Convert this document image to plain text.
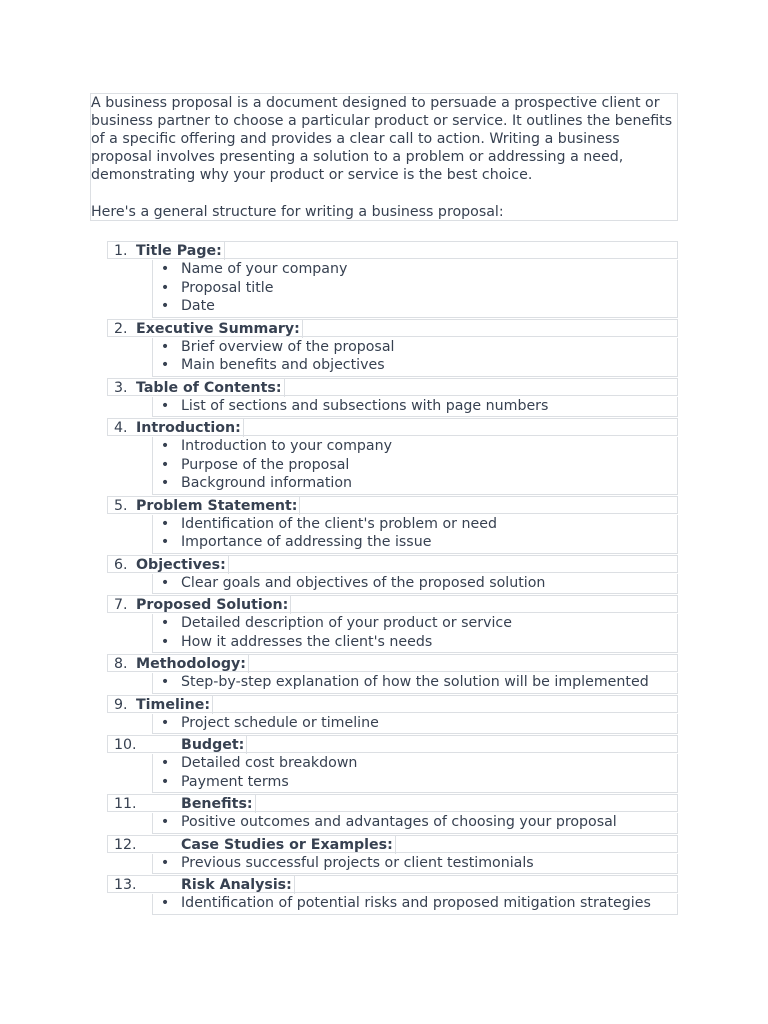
A business proposal is a document designed to persuade a prospective client or business partner to choose a particular product or service. It outlines the benefits of a specific offering and provides a clear call to action. Writing a business proposal involves presenting a solution to a problem or addressing a need, demonstrating why your product or service is the best choice.

Here's a general structure for writing a business proposal:

1. Title Page:
• Name of your company
• Proposal title
• Date
2. Executive Summary:
• Brief overview of the proposal
• Main benefits and objectives
3. Table of Contents:
• List of sections and subsections with page numbers
4. Introduction:
• Introduction to your company
• Purpose of the proposal
• Background information
5. Problem Statement:
• Identification of the client's problem or need
• Importance of addressing the issue
6. Objectives:
• Clear goals and objectives of the proposed solution
7. Proposed Solution:
• Detailed description of your product or service
• How it addresses the client's needs
8. Methodology:
• Step-by-step explanation of how the solution will be implemented
9. Timeline:
• Project schedule or timeline
10.	Budget:
• Detailed cost breakdown
• Payment terms
11.	Benefits:
• Positive outcomes and advantages of choosing your proposal
12.	Case Studies or Examples:
• Previous successful projects or client testimonials
13.	Risk Analysis:
• Identification of potential risks and proposed mitigation strategies
